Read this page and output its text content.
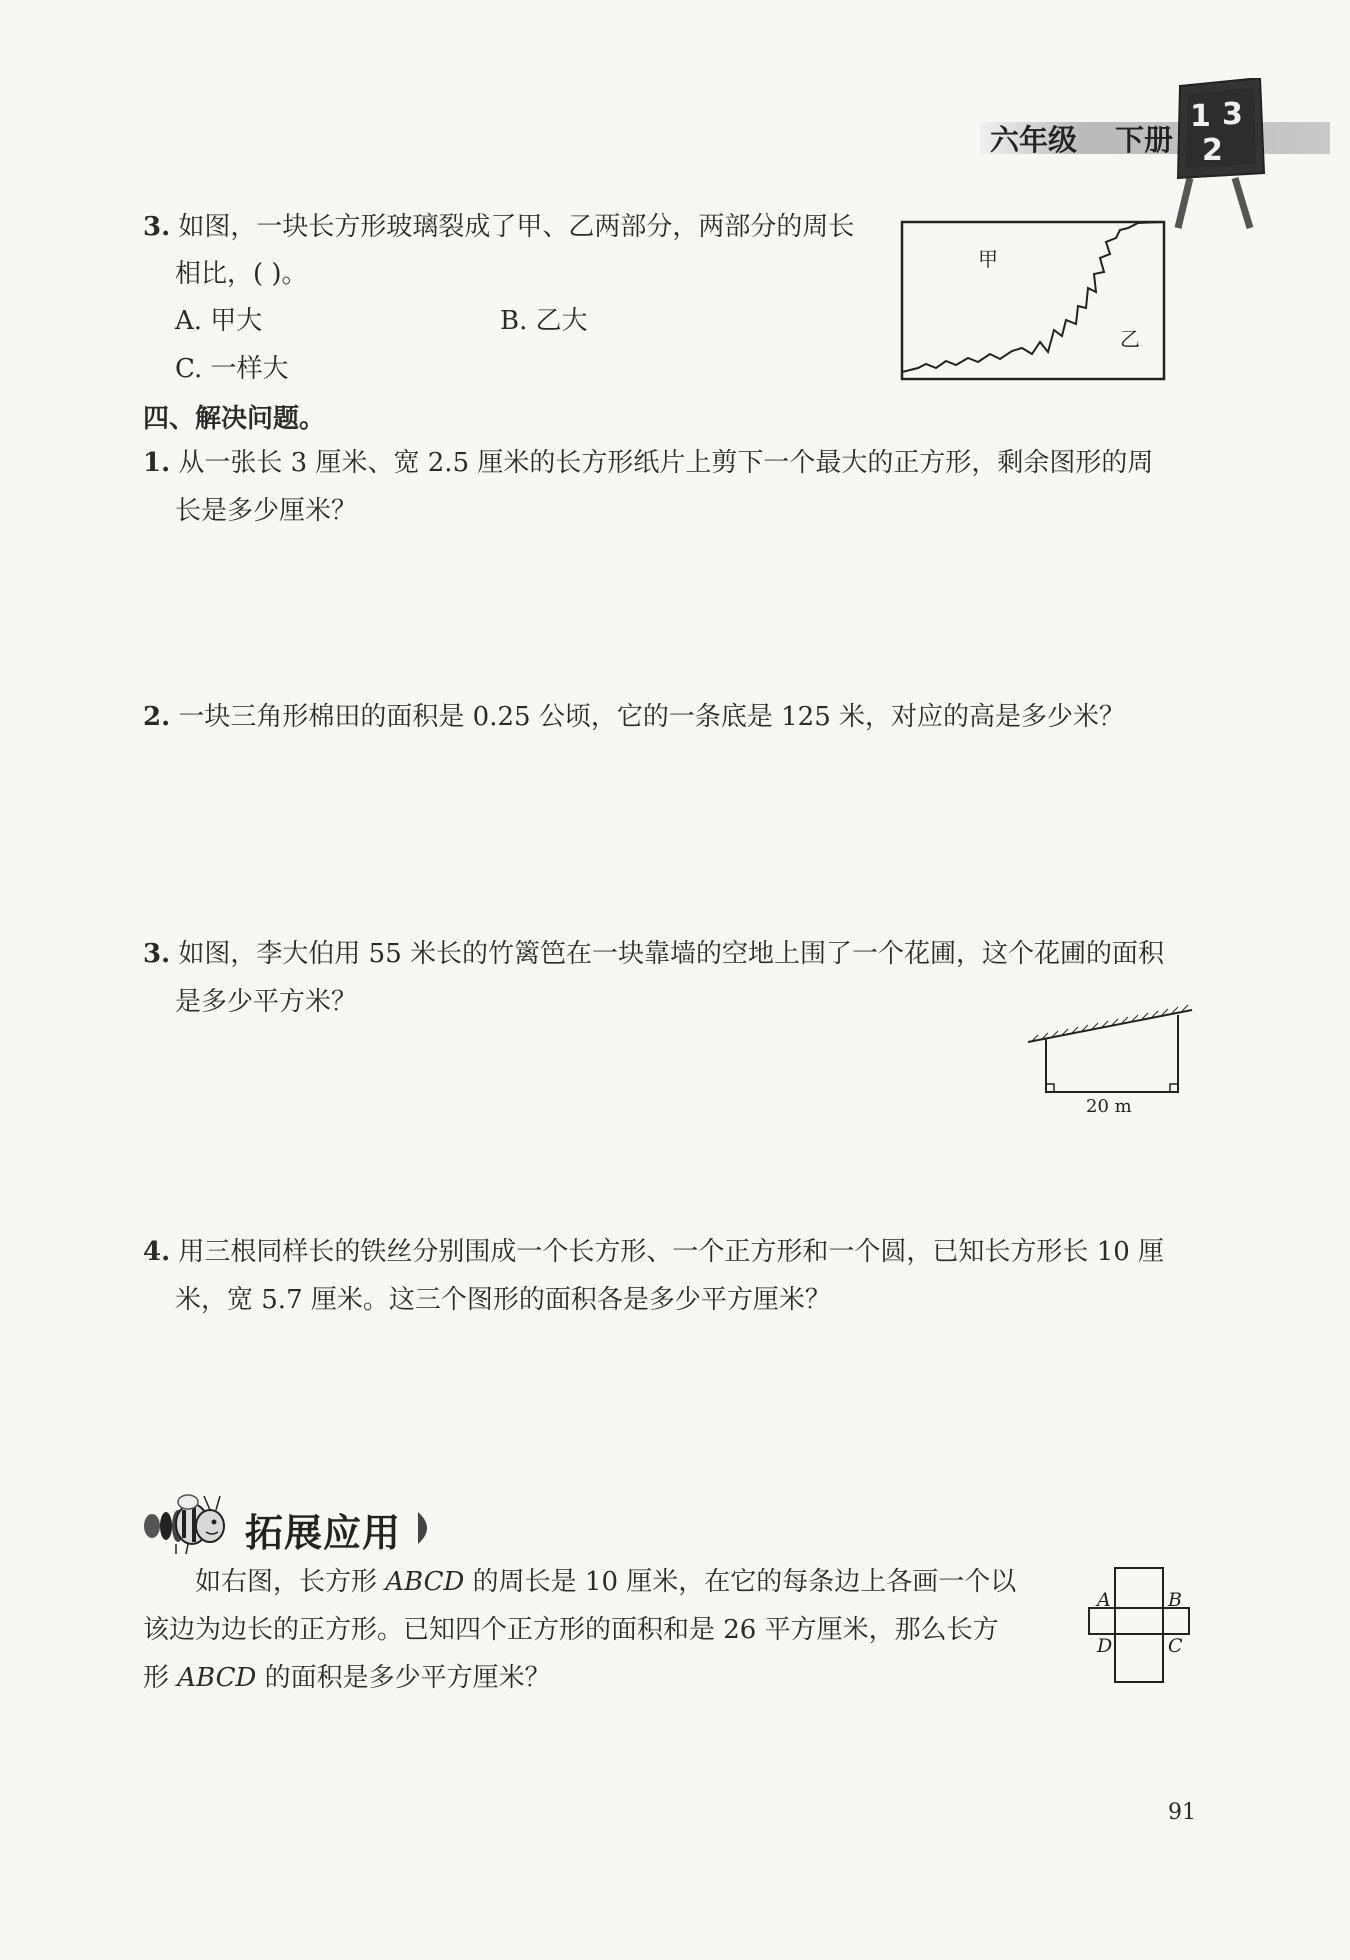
六年级 下册
1 3
2
3. 如图，一块长方形玻璃裂成了甲、乙两部分，两部分的周长
相比，( )。
A. 甲大	B. 乙大
C. 一样大
甲
乙
四、解决问题。
1. 从一张长 3 厘米、宽 2.5 厘米的长方形纸片上剪下一个最大的正方形，剩余图形的周
长是多少厘米？
2. 一块三角形棉田的面积是 0.25 公顷，它的一条底是 125 米，对应的高是多少米？
3. 如图，李大伯用 55 米长的竹篱笆在一块靠墙的空地上围了一个花圃，这个花圃的面积
是多少平方米？
20 m
4. 用三根同样长的铁丝分别围成一个长方形、一个正方形和一个圆，已知长方形长 10 厘
米，宽 5.7 厘米。这三个图形的面积各是多少平方厘米？
拓展应用
如右图，长方形 ABCD 的周长是 10 厘米，在它的每条边上各画一个以
该边为边长的正方形。已知四个正方形的面积和是 26 平方厘米，那么长方
形 ABCD 的面积是多少平方厘米？
A	B
D	C
91
